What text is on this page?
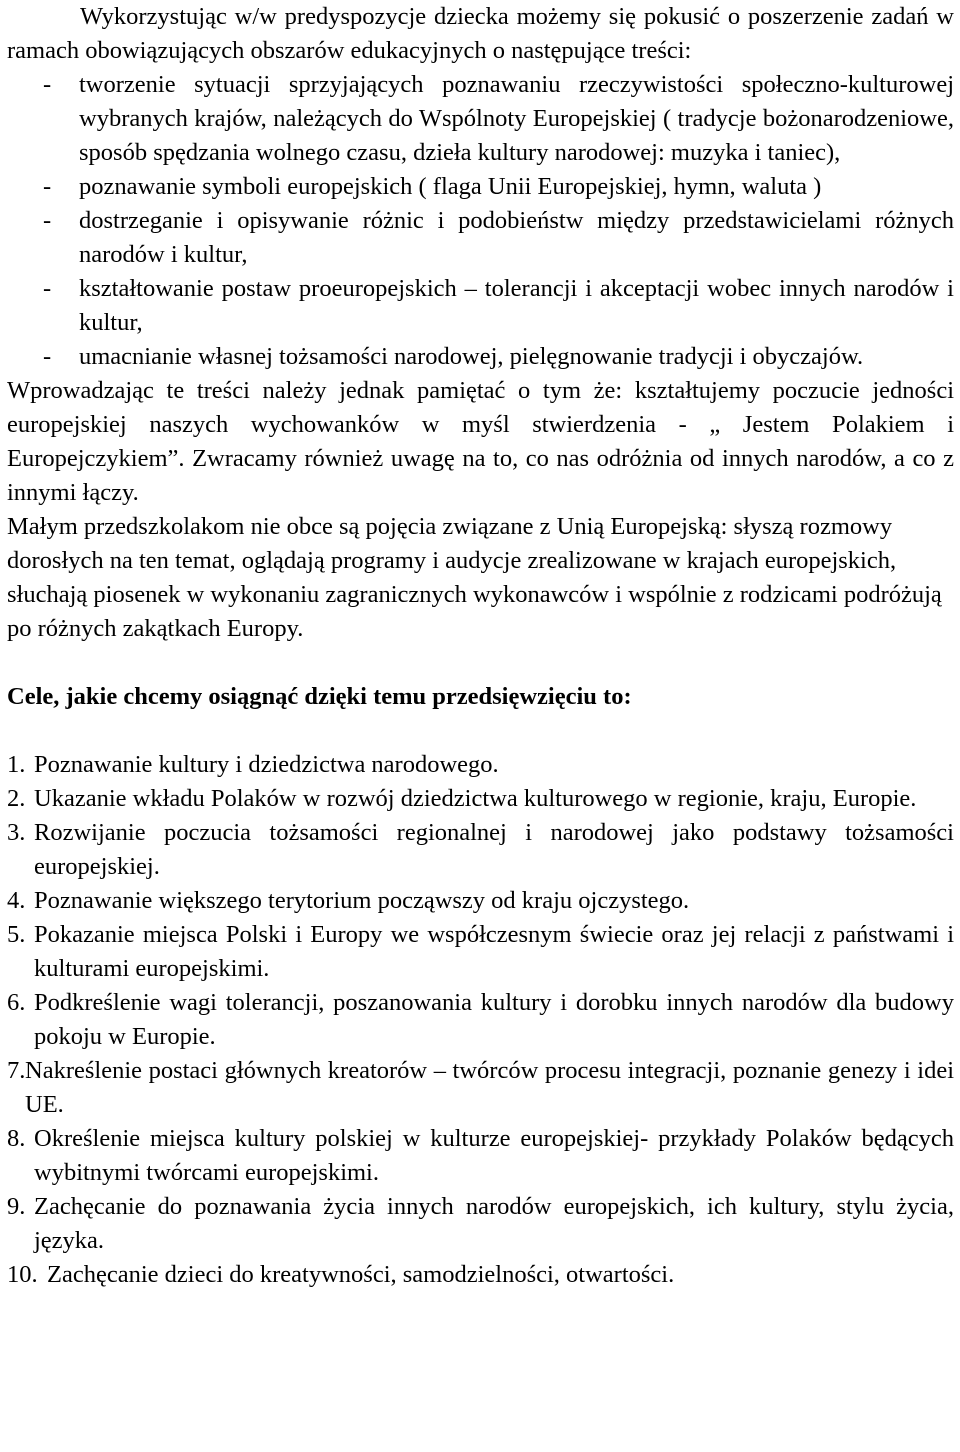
Wykorzystując w/w predyspozycje dziecka możemy się pokusić o poszerzenie zadań w ramach obowiązujących obszarów edukacyjnych o następujące treści:

- tworzenie sytuacji sprzyjających poznawaniu rzeczywistości społeczno-kulturowej wybranych krajów, należących do Wspólnoty Europejskiej ( tradycje bożonarodzeniowe, sposób spędzania wolnego czasu, dzieła kultury narodowej: muzyka i taniec),
- poznawanie symboli europejskich ( flaga Unii Europejskiej, hymn, waluta )
- dostrzeganie i opisywanie różnic i podobieństw między przedstawicielami różnych narodów i kultur,
- kształtowanie postaw proeuropejskich – tolerancji i akceptacji wobec innych narodów i kultur,
- umacnianie własnej tożsamości narodowej, pielęgnowanie tradycji i obyczajów.

Wprowadzając te treści należy jednak pamiętać o tym że: kształtujemy poczucie jedności europejskiej naszych wychowanków w myśl stwierdzenia - „ Jestem Polakiem i Europejczykiem”. Zwracamy również uwagę na to, co nas odróżnia od innych narodów, a co z innymi łączy.

Małym przedszkolakom nie obce są pojęcia związane z Unią Europejską: słyszą rozmowy dorosłych na ten temat, oglądają programy i audycje zrealizowane w krajach europejskich, słuchają piosenek w wykonaniu zagranicznych wykonawców i wspólnie z rodzicami podróżują po różnych zakątkach Europy.

Cele, jakie chcemy osiągnąć dzięki temu przedsięwzięciu to:

1. Poznawanie kultury i dziedzictwa narodowego.
2. Ukazanie wkładu Polaków w rozwój dziedzictwa kulturowego w regionie, kraju, Europie.
3. Rozwijanie poczucia tożsamości regionalnej i narodowej jako podstawy tożsamości europejskiej.
4. Poznawanie większego terytorium począwszy od kraju ojczystego.
5. Pokazanie miejsca Polski i Europy we współczesnym świecie oraz jej relacji z państwami i kulturami europejskimi.
6. Podkreślenie wagi tolerancji, poszanowania kultury i dorobku innych narodów dla budowy pokoju w Europie.
7. Nakreślenie postaci głównych kreatorów – twórców procesu integracji, poznanie genezy i idei UE.
8. Określenie miejsca kultury polskiej w kulturze europejskiej- przykłady Polaków będących wybitnymi twórcami europejskimi.
9. Zachęcanie do poznawania życia innych narodów europejskich, ich kultury, stylu życia, języka.
10. Zachęcanie dzieci do kreatywności, samodzielności, otwartości.
